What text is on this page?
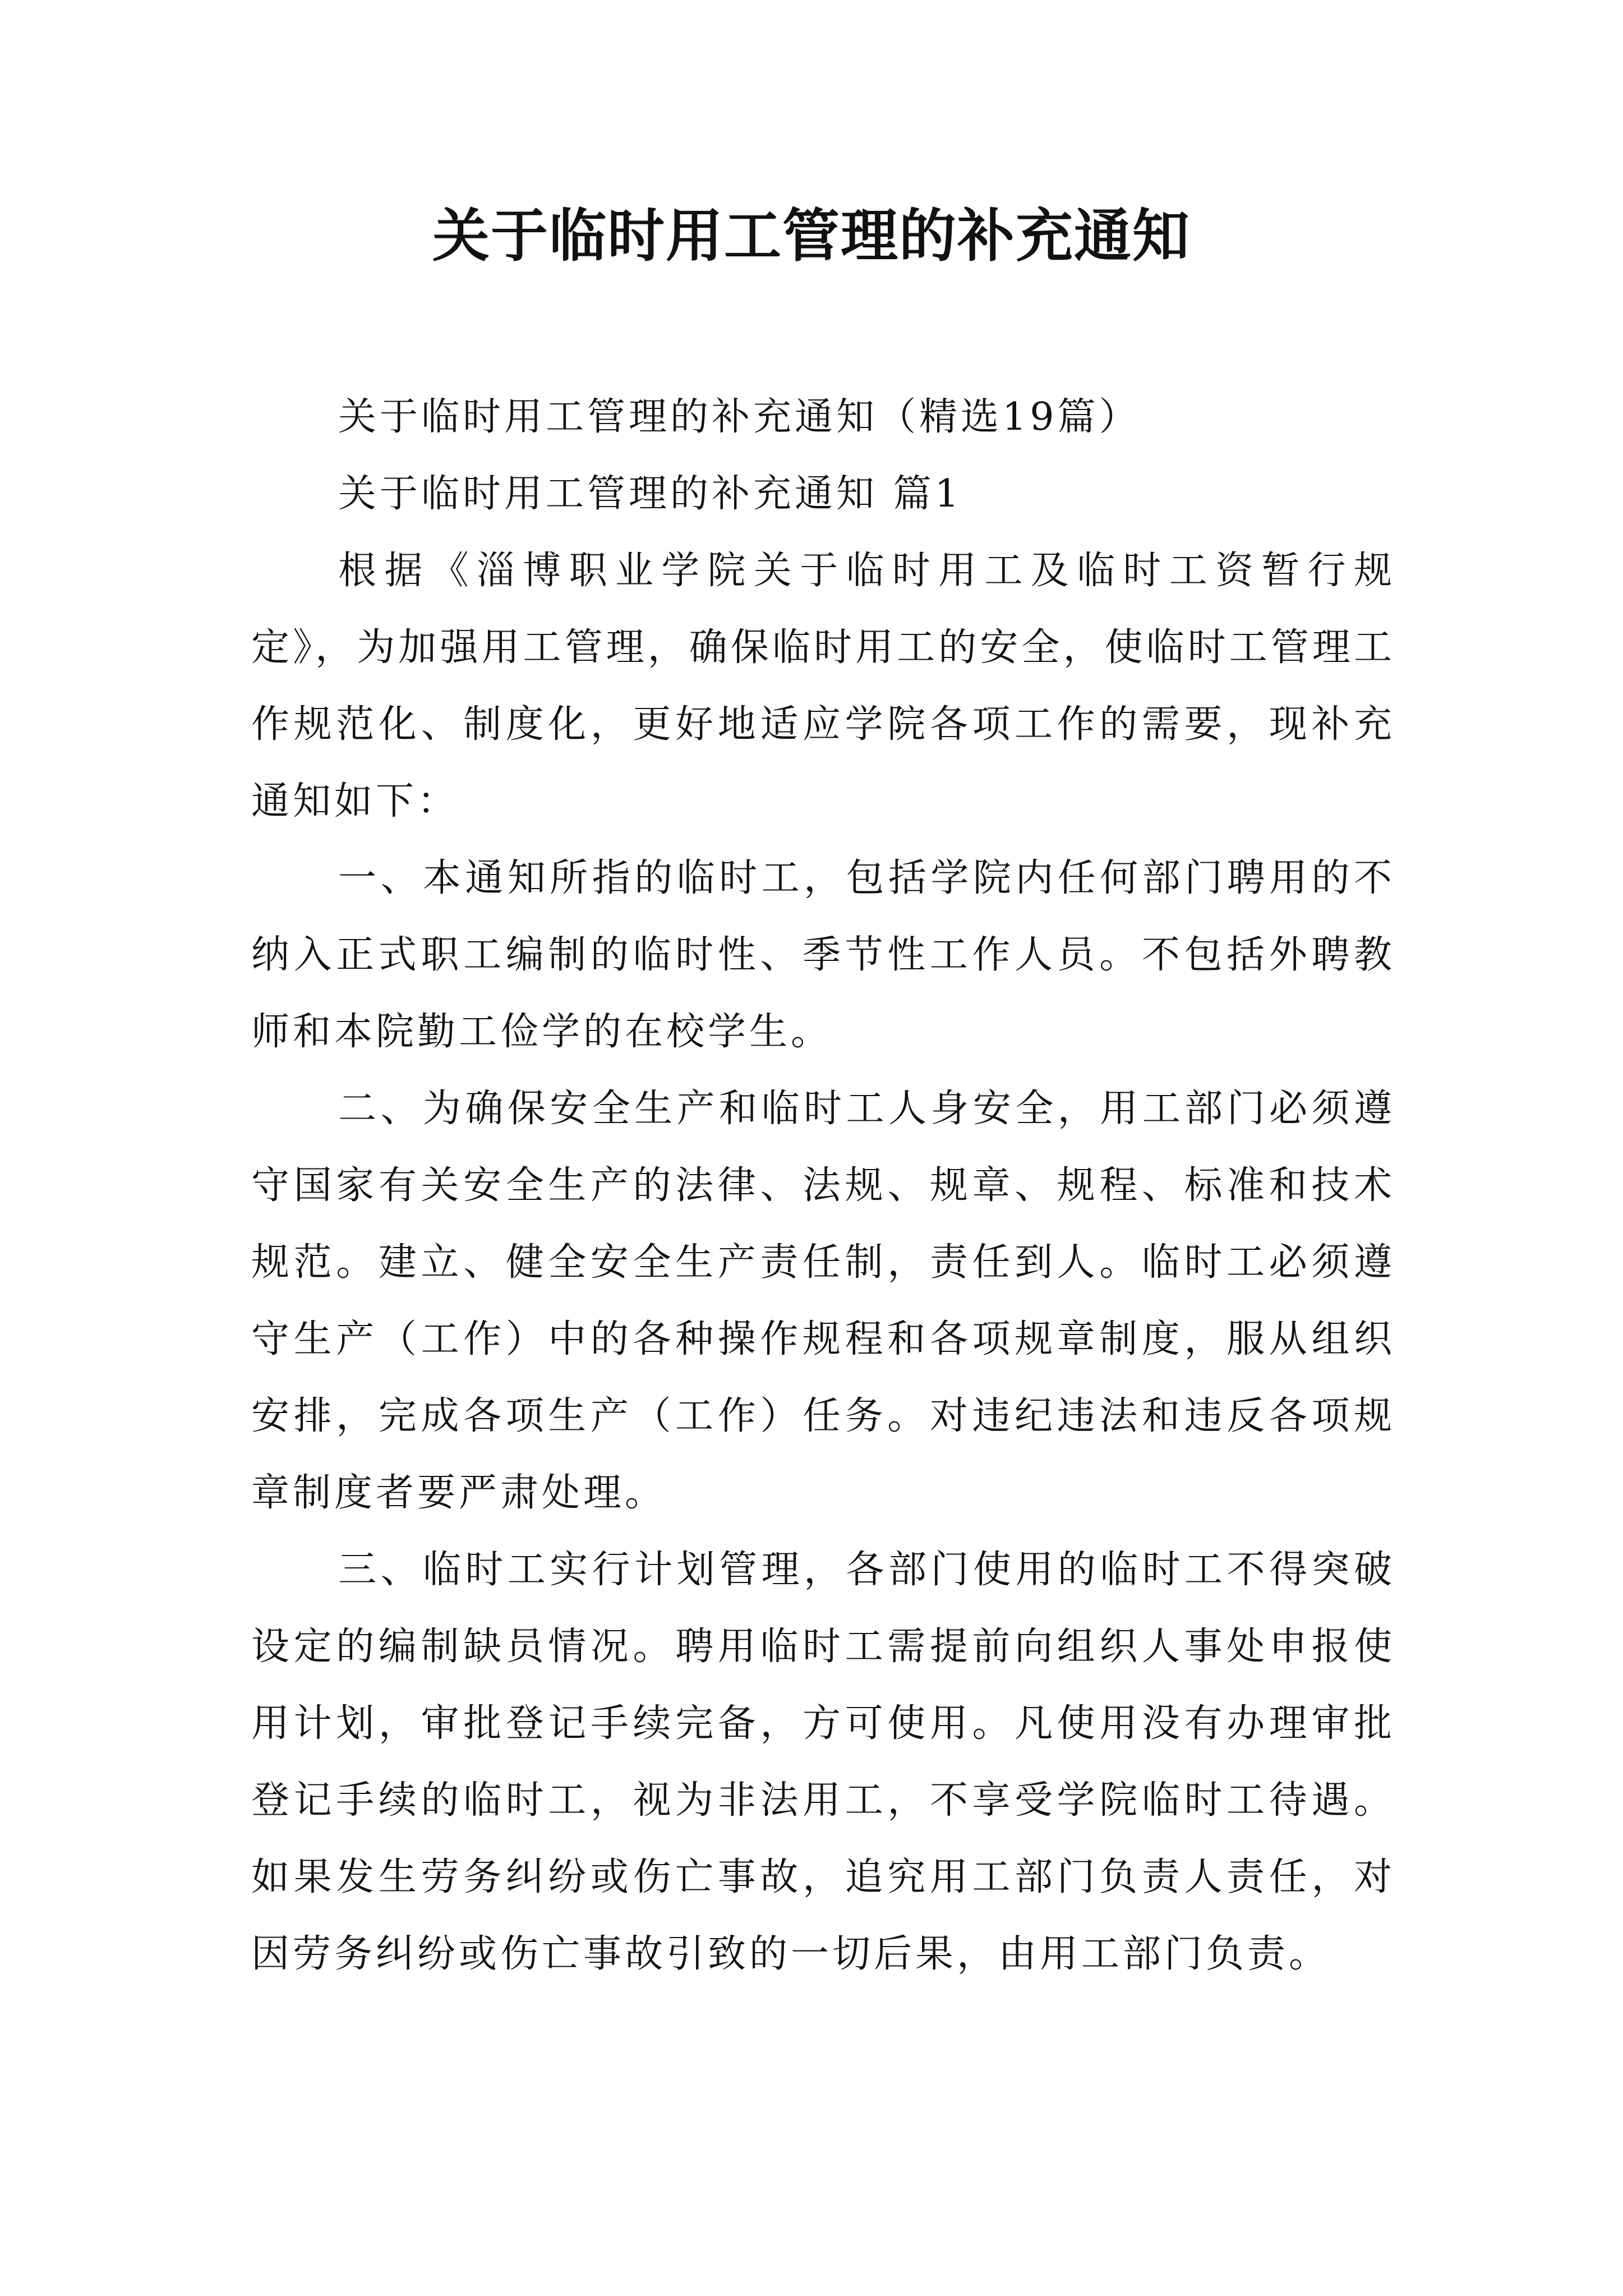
关于临时用工管理的补充通知

关于临时用工管理的补充通知（精选19篇）

关于临时用工管理的补充通知 篇1

根据《淄博职业学院关于临时用工及临时工资暂行规定》，为加强用工管理，确保临时用工的安全，使临时工管理工作规范化、制度化，更好地适应学院各项工作的需要，现补充通知如下：

一、本通知所指的临时工，包括学院内任何部门聘用的不纳入正式职工编制的临时性、季节性工作人员。不包括外聘教师和本院勤工俭学的在校学生。

二、为确保安全生产和临时工人身安全，用工部门必须遵守国家有关安全生产的法律、法规、规章、规程、标准和技术规范。建立、健全安全生产责任制，责任到人。临时工必须遵守生产（工作）中的各种操作规程和各项规章制度，服从组织安排，完成各项生产（工作）任务。对违纪违法和违反各项规章制度者要严肃处理。

三、临时工实行计划管理，各部门使用的临时工不得突破设定的编制缺员情况。聘用临时工需提前向组织人事处申报使用计划，审批登记手续完备，方可使用。凡使用没有办理审批登记手续的临时工，视为非法用工，不享受学院临时工待遇。如果发生劳务纠纷或伤亡事故，追究用工部门负责人责任，对因劳务纠纷或伤亡事故引致的一切后果，由用工部门负责。
